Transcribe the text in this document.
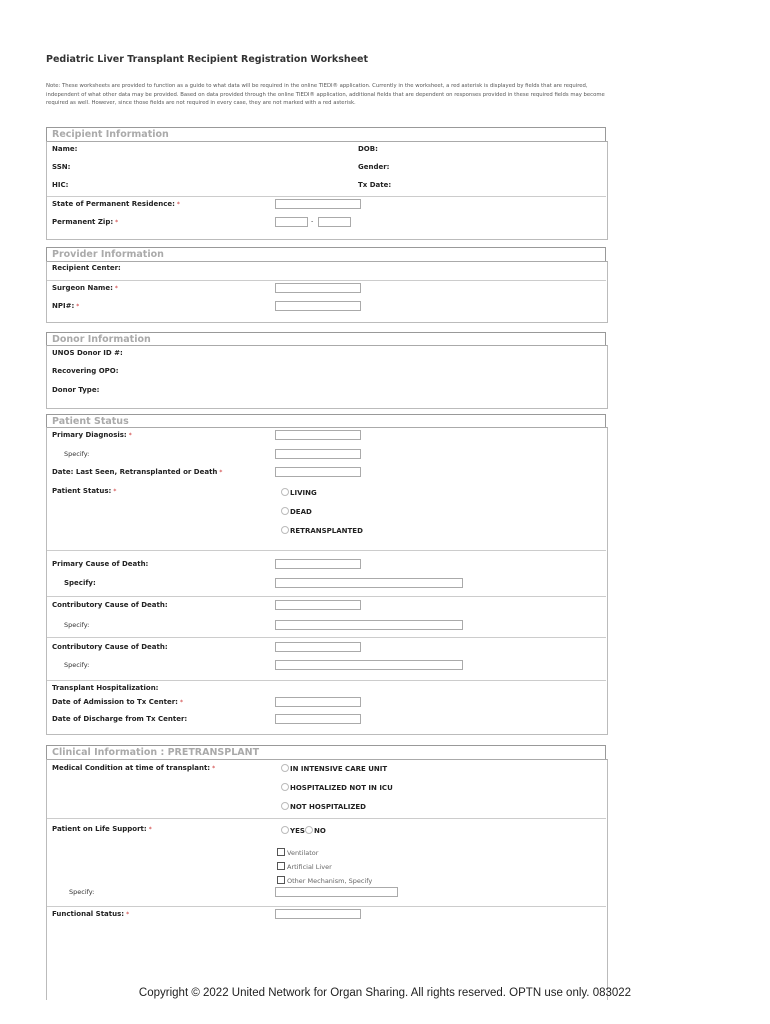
Pediatric Liver Transplant Recipient Registration Worksheet
Note: These worksheets are provided to function as a guide to what data will be required in the online TIEDI® application. Currently in the worksheet, a red asterisk is displayed by fields that are required, independent of what other data may be provided. Based on data provided through the online TIEDI® application, additional fields that are dependent on responses provided in these required fields may become required as well. However, since those fields are not required in every case, they are not marked with a red asterisk.
Recipient Information
Name:	DOB:
SSN:	Gender:
HIC:	Tx Date:
State of Permanent Residence: *
Permanent Zip: *	-
Provider Information
Recipient Center:
Surgeon Name: *
NPI#: *
Donor Information
UNOS Donor ID #:
Recovering OPO:
Donor Type:
Patient Status
Primary Diagnosis: *
Specify:
Date: Last Seen, Retransplanted or Death *
Patient Status: *	LIVING
DEAD
RETRANSPLANTED
Primary Cause of Death:
Specify:
Contributory Cause of Death:
Specify:
Contributory Cause of Death:
Specify:
Transplant Hospitalization:
Date of Admission to Tx Center: *
Date of Discharge from Tx Center:
Clinical Information : PRETRANSPLANT
Medical Condition at time of transplant: *	IN INTENSIVE CARE UNIT
HOSPITALIZED NOT IN ICU
NOT HOSPITALIZED
Patient on Life Support: *	YES	NO
Ventilator
Artificial Liver
Other Mechanism, Specify
Specify:
Functional Status: *
Copyright © 2022 United Network for Organ Sharing. All rights reserved. OPTN use only. 083022
